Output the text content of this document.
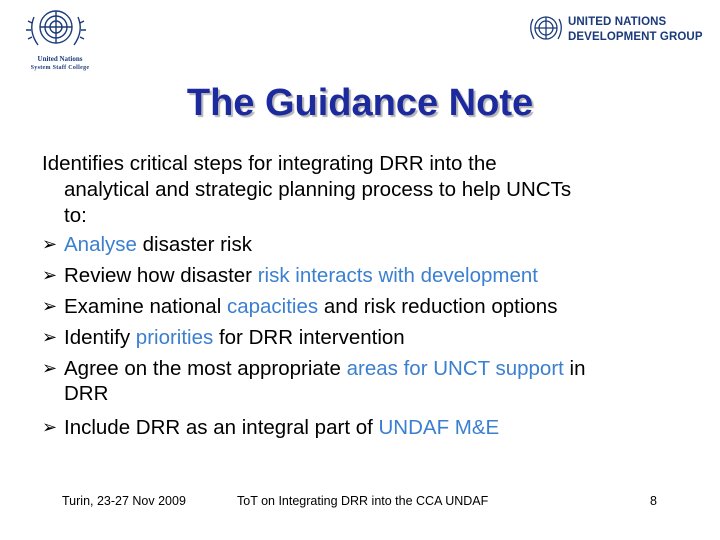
United Nations
System Staff College
UNITED NATIONS
DEVELOPMENT GROUP
The Guidance Note

Identifies critical steps for integrating DRR into the
analytical and strategic planning process to help UNCTs
to:

➢ Analyse disaster risk
➢ Review how disaster risk interacts with development
➢ Examine national capacities and risk reduction options
➢ Identify priorities for DRR intervention
➢ Agree on the most appropriate areas for UNCT support in
DRR
➢ Include DRR as an integral part of UNDAF M&E
Turin, 23-27 Nov 2009	ToT on Integrating DRR into the CCA UNDAF	8
